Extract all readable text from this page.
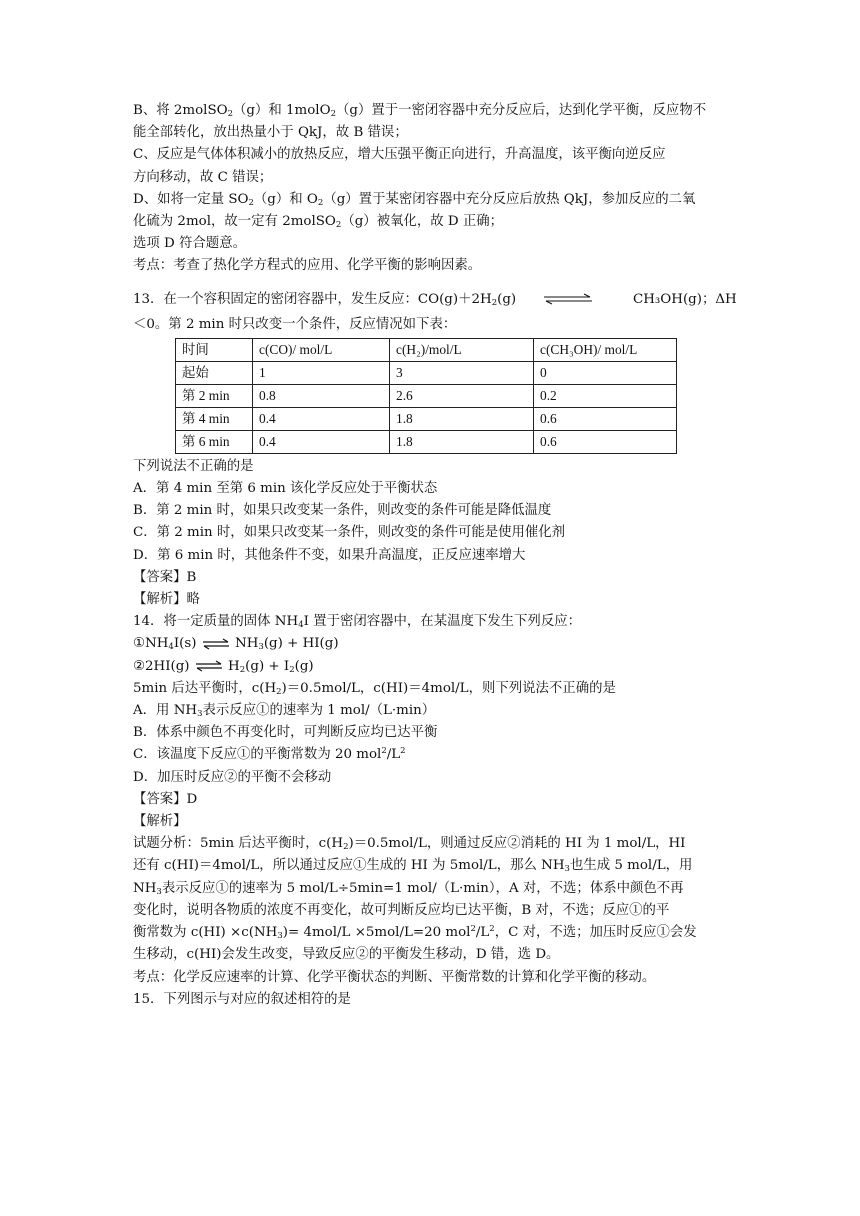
B、将 2molSO$_2$（g）和 1molO$_2$（g）置于一密闭容器中充分反应后，达到化学平衡，反应物不
能全部转化，放出热量小于 QkJ，故 B 错误；
C、反应是气体体积减小的放热反应，增大压强平衡正向进行，升高温度，该平衡向逆反应
方向移动，故 C 错误；
D、如将一定量 $SO_2(g)$和 $O_2(g)$置于某密闭容器中充分反应后放热 QkJ，参加反应的二氧
化硫为 2mol，故一定有 2molSO$_2$（g）被氧化，故 D 正确；
选项 D 符合题意。
考点：考查了热化学方程式的应用、化学平衡的影响因素。
13．在一个容积固定的密闭容器中，发生反应：$CO(g)+2H_2(g)$	CH₃OH(g)；ΔH
＜0。第 2 min 时只改变一个条件，反应情况如下表：
时间	c(CO)/ mol/L	c(H₂)/mol/L	c(CH₃OH)/ mol/L
起始	1	3	0
第 2 min	0.8	2.6	0.2
第 4 min	0.4	1.8	0.6
第 6 min	0.4	1.8	0.6
下列说法不正确的是
A．第 4 min 至第 6 min 该化学反应处于平衡状态
B．第 2 min 时，如果只改变某一条件，则改变的条件可能是降低温度
C．第 2 min 时，如果只改变某一条件，则改变的条件可能是使用催化剂
D．第 6 min 时，其他条件不变，如果升高温度，正反应速率增大
【答案】B
【解析】略
14．将一定质量的固体 $NH_4I$ 置于密闭容器中，在某温度下发生下列反应：
$①NH_4I(s)$ ⇌ $NH_3(g) + HI(g)$
②2HI(g) ⇌ $H_2(g) + I_2(g)$
5min 后达平衡时，$c(H_2)=0.5mol/L$，c(HI)＝4mol/L，则下列说法不正确的是
A．用 $NH_3$表示反应①的速率为 1 mol/（L·min）
B．体系中颜色不再变化时，可判断反应均已达平衡
C．该温度下反应①的平衡常数为 20 $mol^2/L^2$
D．加压时反应②的平衡不会移动
【答案】D
【解析】
试题分析：5min 后达平衡时，$c(H_2)=0.5mol/L$，则通过反应②消耗的 HI 为 1 mol/L，HI
还有 c(HI)＝4mol/L，所以通过反应①生成的 HI 为 5mol/L，那么 $NH_3$也生成 5 mol/L，用
$NH_3$表示反应①的速率为 5 mol/L÷5min=1 mol/（L·min），A 对，不选；体系中颜色不再
变化时，说明各物质的浓度不再变化，故可判断反应均已达平衡，B 对，不选；反应①的平
衡常数为 $c(HI) \times c(NH_3)= 4mol/L \times 5mol/L=20$ $mol^2/L^2$，C 对，不选；加压时反应①会发
生移动，c(HI)会发生改变，导致反应②的平衡发生移动，D 错，选 D。
考点：化学反应速率的计算、化学平衡状态的判断、平衡常数的计算和化学平衡的移动。
15．下列图示与对应的叙述相符的是
